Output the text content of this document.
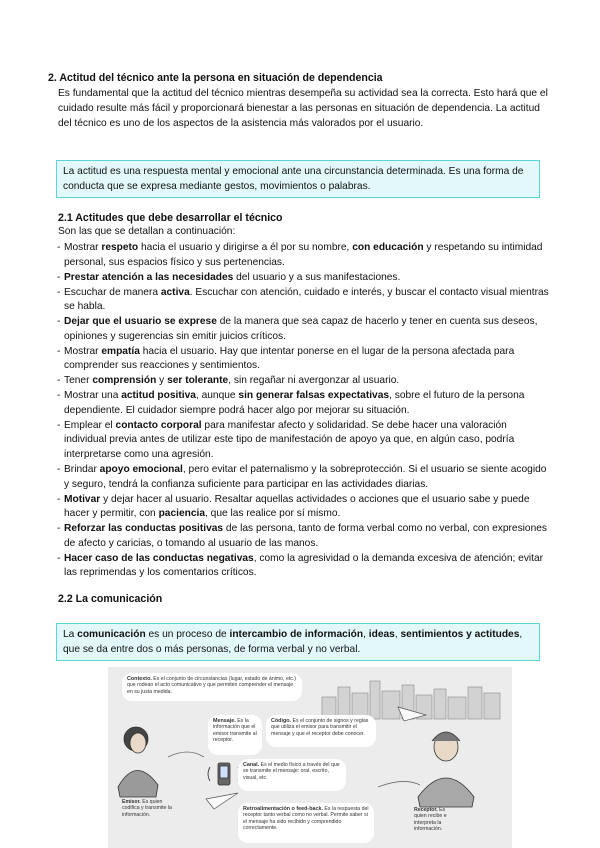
2. Actitud del técnico ante la persona en situación de dependencia
Es fundamental que la actitud del técnico mientras desempeña su actividad sea la correcta. Esto hará que el cuidado resulte más fácil y proporcionará bienestar a las personas en situación de dependencia. La actitud del técnico es uno de los aspectos de la asistencia más valorados por el usuario.
La actitud es una respuesta mental y emocional ante una circunstancia determinada. Es una forma de conducta que se expresa mediante gestos, movimientos o palabras.
2.1 Actitudes que debe desarrollar el técnico
Son las que se detallan a continuación:
- Mostrar respeto hacia el usuario y dirigirse a él por su nombre, con educación y respetando su intimidad personal, sus espacios físico y sus pertenencias.
- Prestar atención a las necesidades del usuario y a sus manifestaciones.
- Escuchar de manera activa. Escuchar con atención, cuidado e interés, y buscar el contacto visual mientras se habla.
- Dejar que el usuario se exprese de la manera que sea capaz de hacerlo y tener en cuenta sus deseos, opiniones y sugerencias sin emitir juicios críticos.
- Mostrar empatía hacia el usuario. Hay que intentar ponerse en el lugar de la persona afectada para comprender sus reacciones y sentimientos.
- Tener comprensión y ser tolerante, sin regañar ni avergonzar al usuario.
- Mostrar una actitud positiva, aunque sin generar falsas expectativas, sobre el futuro de la persona dependiente. El cuidador siempre podrá hacer algo por mejorar su situación.
- Emplear el contacto corporal para manifestar afecto y solidaridad. Se debe hacer una valoración individual previa antes de utilizar este tipo de manifestación de apoyo ya que, en algún caso, podría interpretarse como una agresión.
- Brindar apoyo emocional, pero evitar el paternalismo y la sobreprotección. Si el usuario se siente acogido y seguro, tendrá la confianza suficiente para participar en las actividades diarias.
- Motivar y dejar hacer al usuario. Resaltar aquellas actividades o acciones que el usuario sabe y puede hacer y permitir, con paciencia, que las realice por sí mismo.
- Reforzar las conductas positivas de las persona, tanto de forma verbal como no verbal, con expresiones de afecto y caricias, o tomando al usuario de las manos.
- Hacer caso de las conductas negativas, como la agresividad o la demanda excesiva de atención; evitar las reprimendas y los comentarios críticos.
2.2 La comunicación
La comunicación es un proceso de intercambio de información, ideas, sentimientos y actitudes, que se da entre dos o más personas, de forma verbal y no verbal.
Contexto. Es el conjunto de circunstancias (lugar, estado de ánimo, etc.) que rodean el acto comunicativo y que permiten comprender el mensaje en su justa medida.
Mensaje. Es la información que el emisor transmite al receptor.
Código. Es el conjunto de signos y reglas que utiliza el emisor para transmitir el mensaje y que el receptor debe conocer.
Canal. Es el medio físico a través del que se transmite el mensaje: oral, escrito, visual, etc.
Retroalimentación o feed-back. Es la respuesta del receptor tanto verbal como no verbal. Permite saber si el mensaje ha sido recibido y comprendido correctamente.
Emisor. Es quien codifica y transmite la información.
Receptor. Es quien recibe e interpreta la información.
